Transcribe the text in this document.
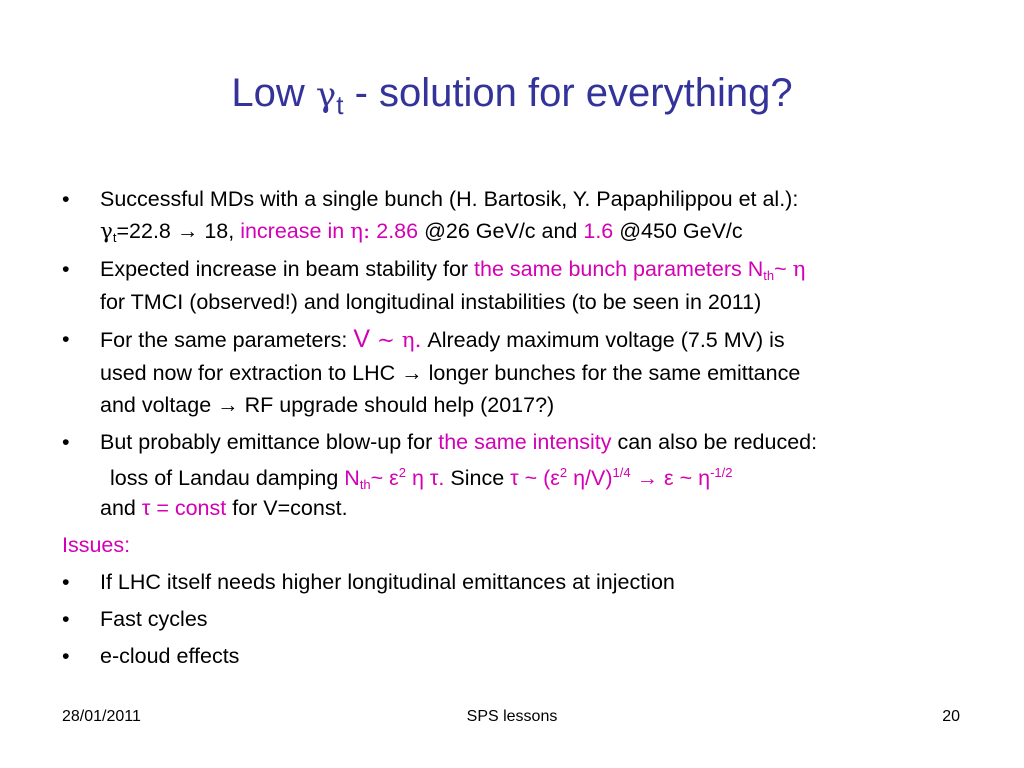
Low $\gamma_t$ - solution for everything?
• Successful MDs with a single bunch (H. Bartosik, Y. Papaphilippou et al.):
$\gamma_t=22.8 \to 18$, increase in η: 2.86 @26 GeV/c and 1.6 @450 GeV/c
• Expected increase in beam stability for the same bunch parameters $N_{th}\sim$ η
for TMCI (observed!) and longitudinal instabilities (to be seen in 2011)
• For the same parameters: V ~ η. Already maximum voltage (7.5 MV) is
used now for extraction to LHC → longer bunches for the same emittance
and voltage → RF upgrade should help (2017?)
• But probably emittance blow-up for the same intensity can also be reduced:
loss of Landau damping $N_{th}\sim$ $\varepsilon^2$ η τ. Since τ ~ ($\varepsilon^2$ η/V)$^{1/4}$ → ε ~ $\eta^{-1/2}$
and τ = const for V=const.
Issues:
• If LHC itself needs higher longitudinal emittances at injection
• Fast cycles
• e-cloud effects
28/01/2011	SPS lessons	20
